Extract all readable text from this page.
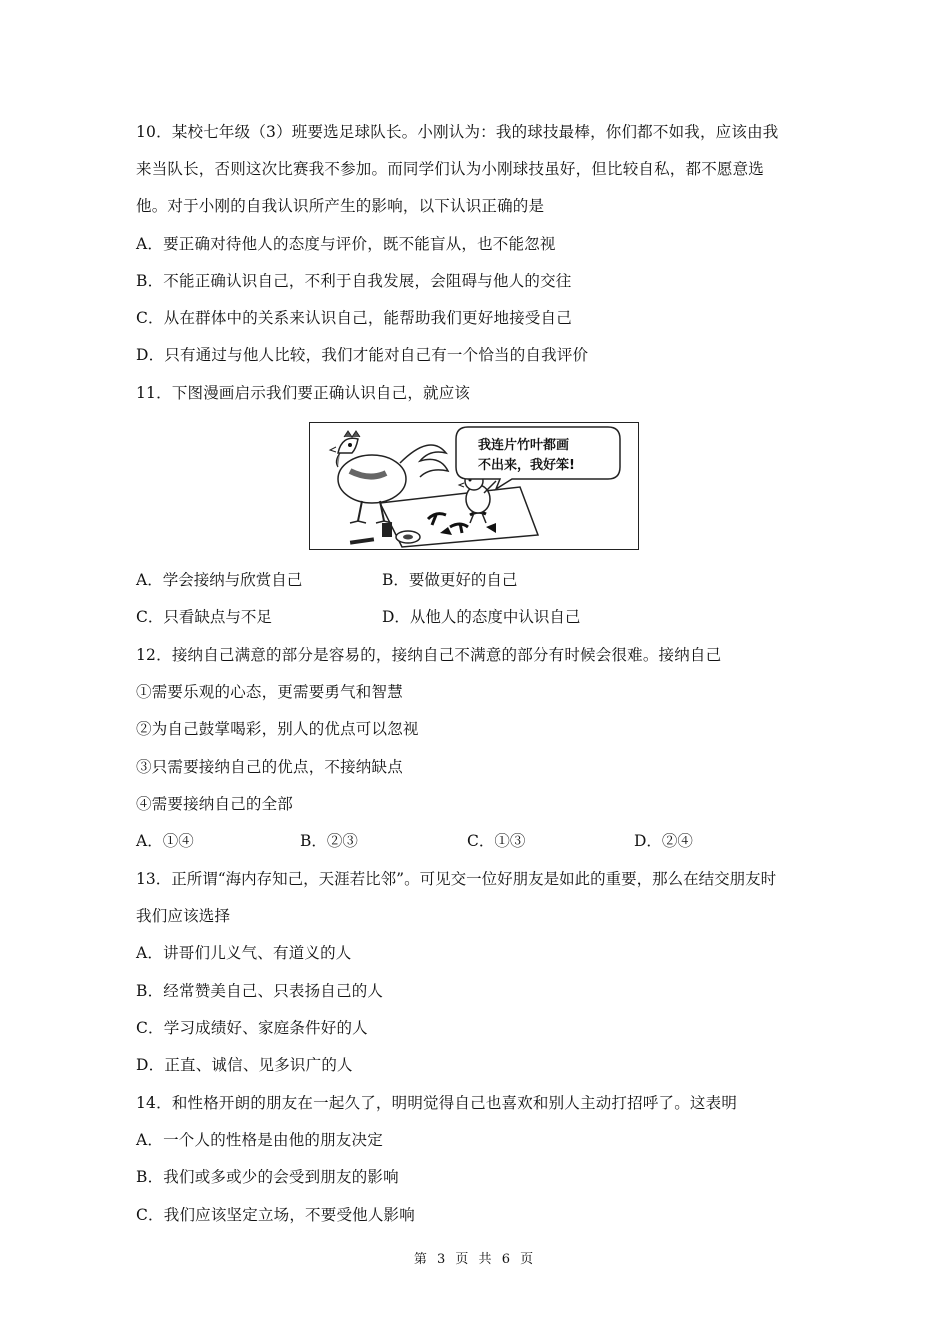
10．某校七年级（3）班要选足球队长。小刚认为：我的球技最棒，你们都不如我，应该由我
来当队长，否则这次比赛我不参加。而同学们认为小刚球技虽好，但比较自私，都不愿意选
他。对于小刚的自我认识所产生的影响，以下认识正确的是
A．要正确对待他人的态度与评价，既不能盲从，也不能忽视
B．不能正确认识自己，不利于自我发展，会阻碍与他人的交往
C．从在群体中的关系来认识自己，能帮助我们更好地接受自己
D．只有通过与他人比较，我们才能对自己有一个恰当的自我评价
11．下图漫画启示我们要正确认识自己，就应该
我连片竹叶都画
不出来，我好笨!
A．学会接纳与欣赏自己	B．要做更好的自己
C．只看缺点与不足	D．从他人的态度中认识自己
12．接纳自己满意的部分是容易的，接纳自己不满意的部分有时候会很难。接纳自己
①需要乐观的心态，更需要勇气和智慧
②为自己鼓掌喝彩，别人的优点可以忽视
③只需要接纳自己的优点，不接纳缺点
④需要接纳自己的全部
A．①④	B．②③	C．①③	D．②④
13．正所谓“海内存知己，天涯若比邻”。可见交一位好朋友是如此的重要，那么在结交朋友时
我们应该选择
A．讲哥们儿义气、有道义的人
B．经常赞美自己、只表扬自己的人
C．学习成绩好、家庭条件好的人
D．正直、诚信、见多识广的人
14．和性格开朗的朋友在一起久了，明明觉得自己也喜欢和别人主动打招呼了。这表明
A．一个人的性格是由他的朋友决定
B．我们或多或少的会受到朋友的影响
C．我们应该坚定立场，不要受他人影响
第 3 页 共 6 页
